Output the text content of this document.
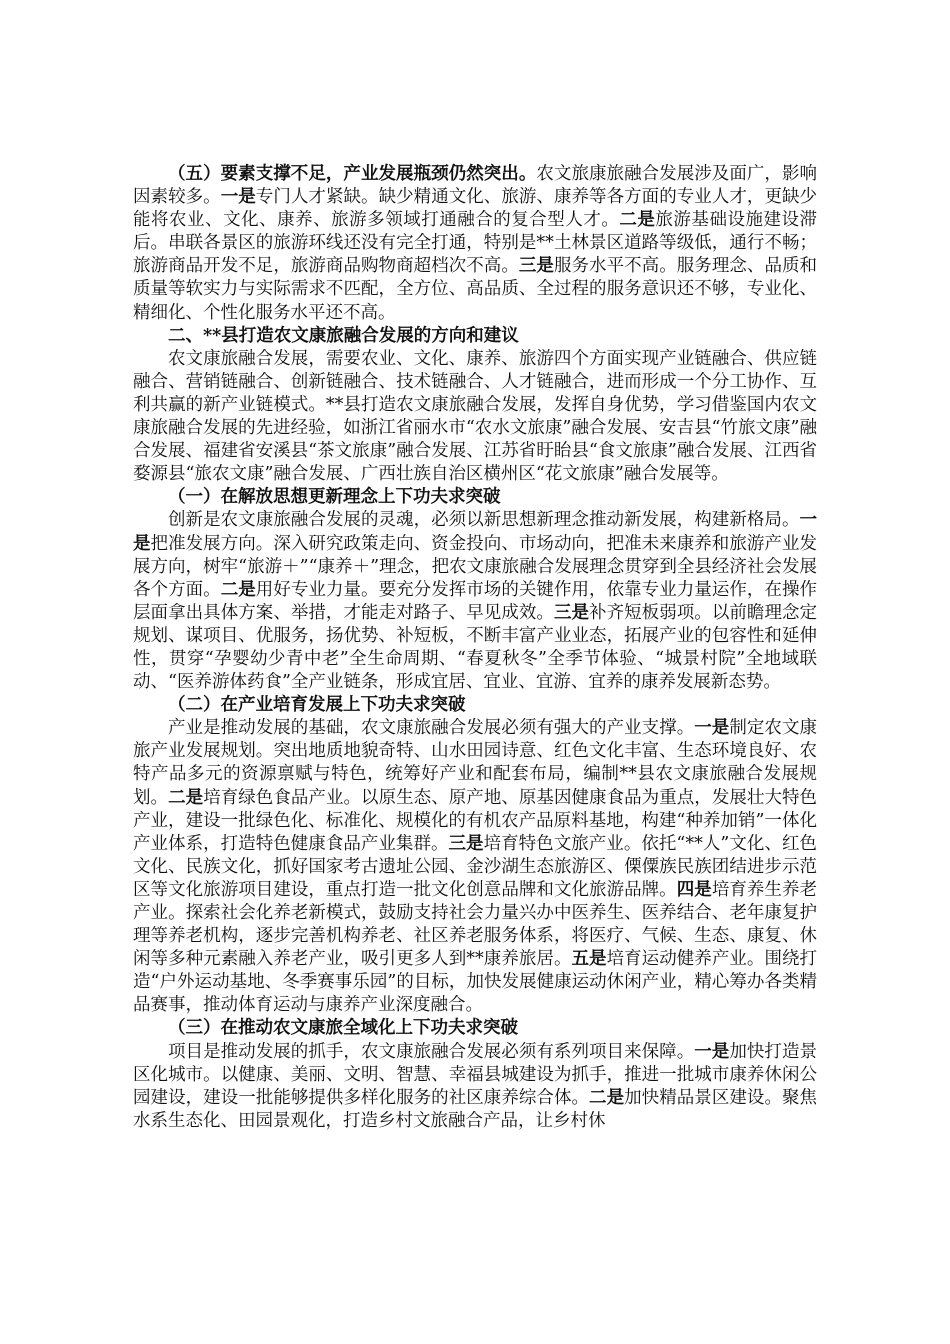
（五）要素支撑不足，产业发展瓶颈仍然突出。农文旅康旅融合发展涉及面广，影响因素较多。一是专门人才紧缺。缺少精通文化、旅游、康养等各方面的专业人才，更缺少能将农业、文化、康养、旅游多领域打通融合的复合型人才。二是旅游基础设施建设滞后。串联各景区的旅游环线还没有完全打通，特别是**土林景区道路等级低，通行不畅；旅游商品开发不足，旅游商品购物商超档次不高。三是服务水平不高。服务理念、品质和质量等软实力与实际需求不匹配，全方位、高品质、全过程的服务意识还不够，专业化、精细化、个性化服务水平还不高。

二、**县打造农文康旅融合发展的方向和建议

农文康旅融合发展，需要农业、文化、康养、旅游四个方面实现产业链融合、供应链融合、营销链融合、创新链融合、技术链融合、人才链融合，进而形成一个分工协作、互利共赢的新产业链模式。**县打造农文康旅融合发展，发挥自身优势，学习借鉴国内农文康旅融合发展的先进经验，如浙江省丽水市“农水文旅康”融合发展、安吉县“竹旅文康”融合发展、福建省安溪县“茶文旅康”融合发展、江苏省盱眙县“食文旅康”融合发展、江西省婺源县“旅农文康”融合发展、广西壮族自治区横州区“花文旅康”融合发展等。

（一）在解放思想更新理念上下功夫求突破

创新是农文康旅融合发展的灵魂，必须以新思想新理念推动新发展，构建新格局。一是把准发展方向。深入研究政策走向、资金投向、市场动向，把准未来康养和旅游产业发展方向，树牢“旅游＋”“康养＋”理念，把农文康旅融合发展理念贯穿到全县经济社会发展各个方面。二是用好专业力量。要充分发挥市场的关键作用，依靠专业力量运作，在操作层面拿出具体方案、举措，才能走对路子、早见成效。三是补齐短板弱项。以前瞻理念定规划、谋项目、优服务，扬优势、补短板，不断丰富产业业态，拓展产业的包容性和延伸性，贯穿“孕婴幼少青中老”全生命周期、“春夏秋冬”全季节体验、“城景村院”全地域联动、“医养游体药食”全产业链条，形成宜居、宜业、宜游、宜养的康养发展新态势。

（二）在产业培育发展上下功夫求突破

产业是推动发展的基础，农文康旅融合发展必须有强大的产业支撑。一是制定农文康旅产业发展规划。突出地质地貌奇特、山水田园诗意、红色文化丰富、生态环境良好、农特产品多元的资源禀赋与特色，统筹好产业和配套布局，编制**县农文康旅融合发展规划。二是培育绿色食品产业。以原生态、原产地、原基因健康食品为重点，发展壮大特色产业，建设一批绿色化、标准化、规模化的有机农产品原料基地，构建“种养加销”一体化产业体系，打造特色健康食品产业集群。三是培育特色文旅产业。依托“**人”文化、红色文化、民族文化，抓好国家考古遗址公园、金沙湖生态旅游区、傈僳族民族团结进步示范区等文化旅游项目建设，重点打造一批文化创意品牌和文化旅游品牌。四是培育养生养老产业。探索社会化养老新模式，鼓励支持社会力量兴办中医养生、医养结合、老年康复护理等养老机构，逐步完善机构养老、社区养老服务体系，将医疗、气候、生态、康复、休闲等多种元素融入养老产业，吸引更多人到**康养旅居。五是培育运动健养产业。围绕打造“户外运动基地、冬季赛事乐园”的目标，加快发展健康运动休闲产业，精心筹办各类精品赛事，推动体育运动与康养产业深度融合。

（三）在推动农文康旅全域化上下功夫求突破

项目是推动发展的抓手，农文康旅融合发展必须有系列项目来保障。一是加快打造景区化城市。以健康、美丽、文明、智慧、幸福县城建设为抓手，推进一批城市康养休闲公园建设，建设一批能够提供多样化服务的社区康养综合体。二是加快精品景区建设。聚焦水系生态化、田园景观化，打造乡村文旅融合产品，让乡村休
